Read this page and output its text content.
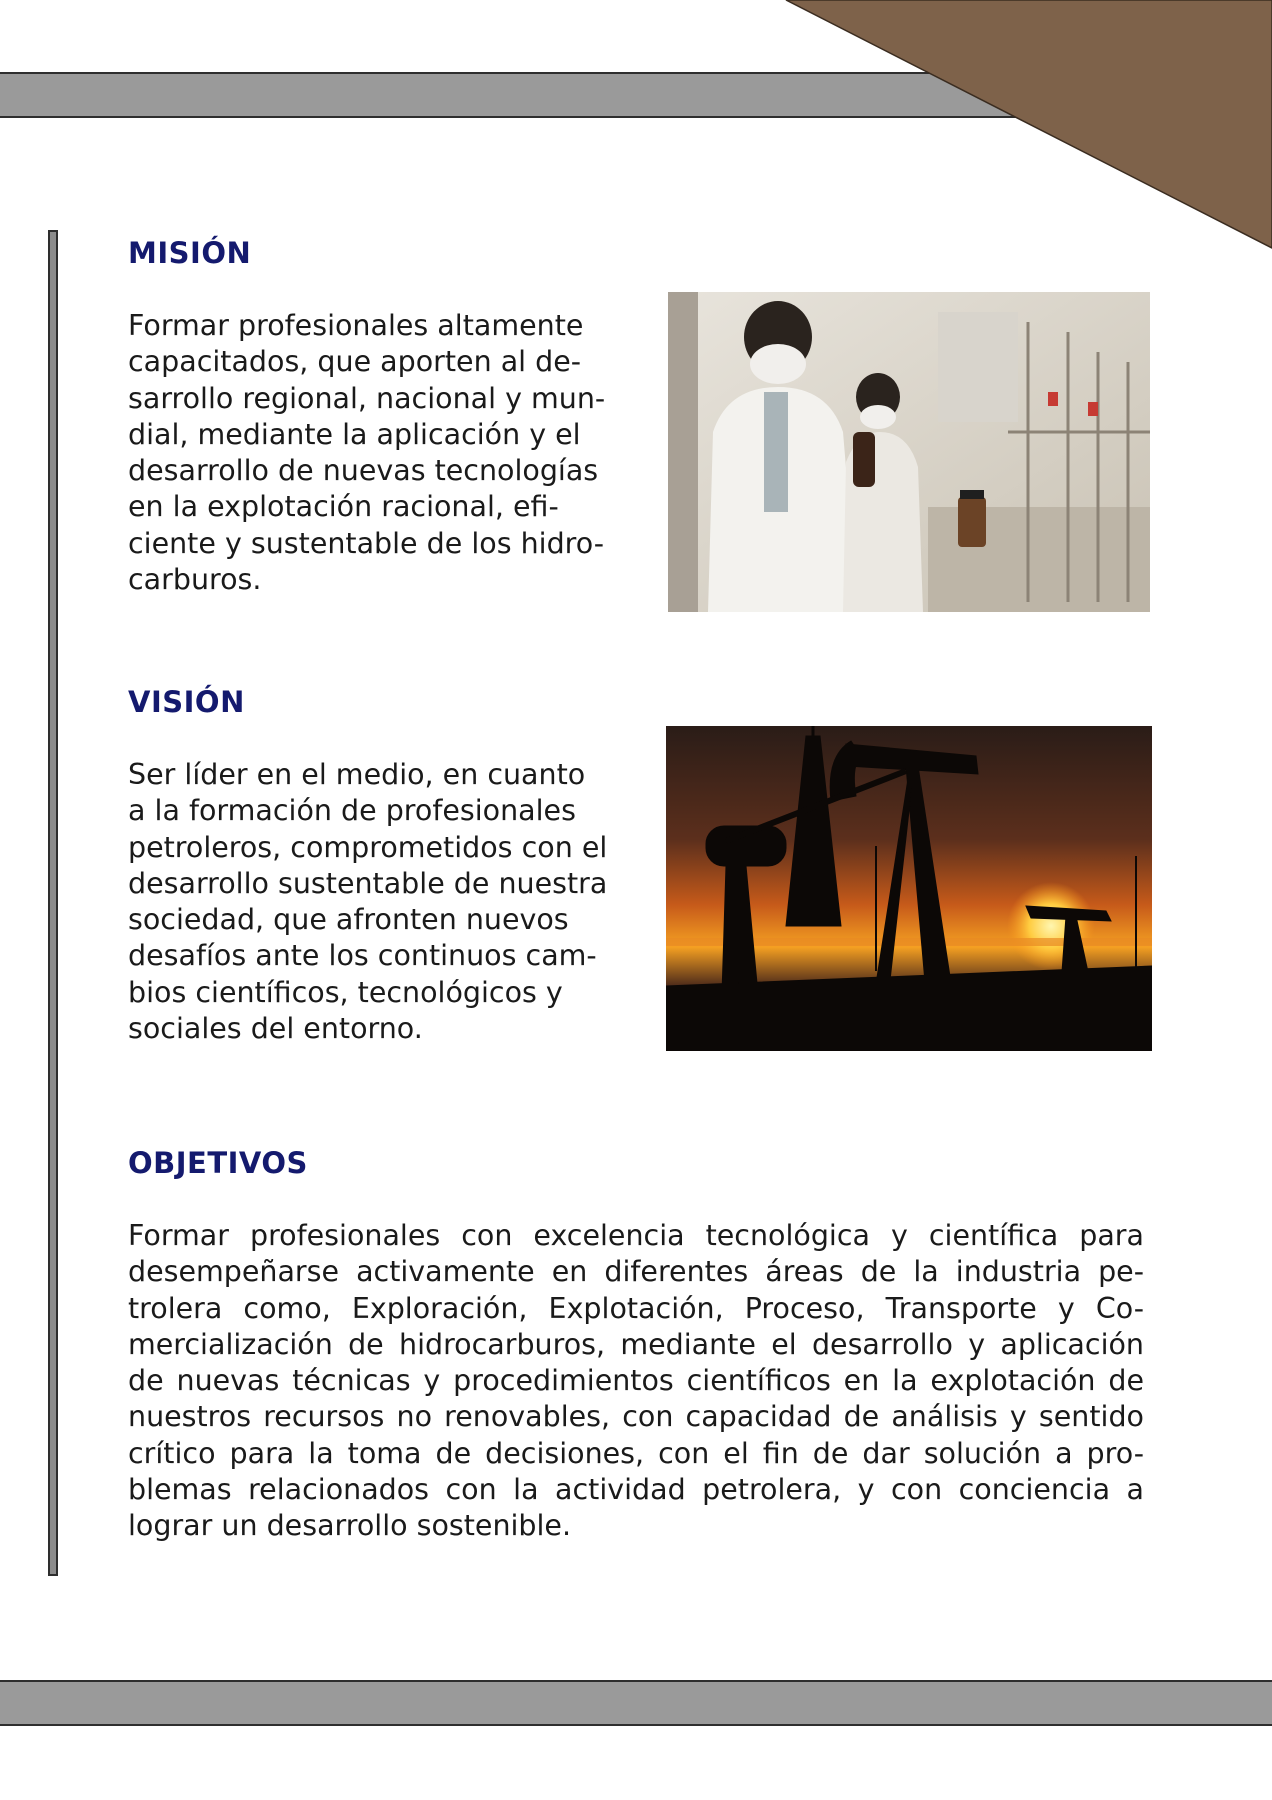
MISIÓN

Formar profesionales altamente
capacitados, que aporten al de-
sarrollo regional, nacional y mun-
dial, mediante la aplicación y el
desarrollo de nuevas tecnologías
en la explotación racional, efi-
ciente y sustentable de los hidro-
carburos.

VISIÓN

Ser líder en el medio, en cuanto
a la formación de profesionales
petroleros, comprometidos con el
desarrollo sustentable de nuestra
sociedad, que afronten nuevos
desafíos ante los continuos cam-
bios científicos, tecnológicos y
sociales del entorno.

OBJETIVOS

Formar profesionales con excelencia tecnológica y científica para
desempeñarse activamente en diferentes áreas de la industria pe-
trolera como, Exploración, Explotación, Proceso, Transporte y Co-
mercialización de hidrocarburos, mediante el desarrollo y aplicación
de nuevas técnicas y procedimientos científicos en la explotación de
nuestros recursos no renovables, con capacidad de análisis y sentido
crítico para la toma de decisiones, con el fin de dar solución a pro-
blemas relacionados con la actividad petrolera, y con conciencia a
lograr un desarrollo sostenible.
